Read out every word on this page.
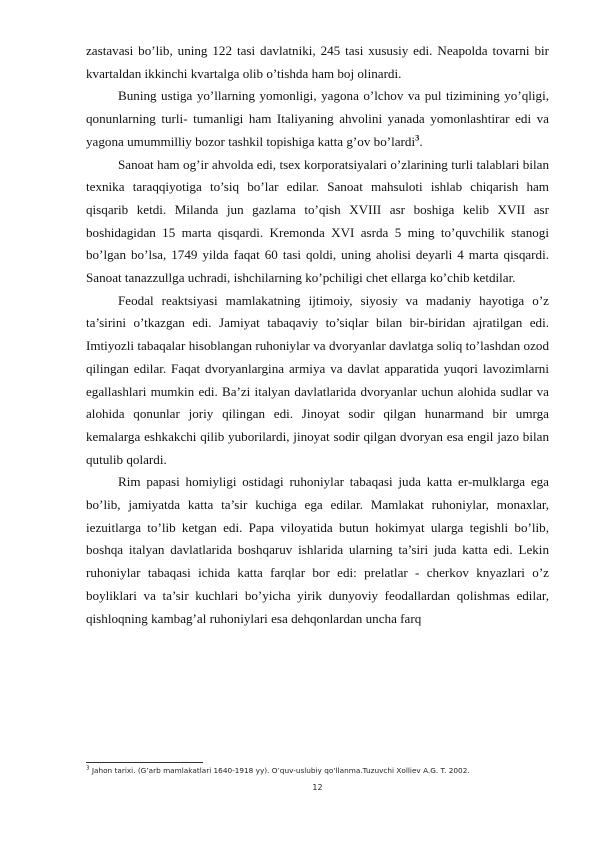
zastavasi bo’lib, uning 122 tasi davlatniki, 245 tasi xususiy edi. Neapolda tovarni bir kvartaldan ikkinchi kvartalga olib o’tishda ham boj olinardi.

Buning ustiga yo’llarning yomonligi, yagona o’lchov va pul tizimining yo’qligi, qonunlarning turli- tumanligi ham Italiyaning ahvolini yanada yomonlashtirar edi va yagona umummilliy bozor tashkil topishiga katta g’ov bo’lardi$^3$.

Sanoat ham og’ir ahvolda edi, tsex korporatsiyalari o’zlarining turli talablari bilan texnika taraqqiyotiga to’siq bo’lar edilar. Sanoat mahsuloti ishlab chiqarish ham qisqarib ketdi. Milanda jun gazlama to’qish XVIII asr boshiga kelib XVII asr boshidagidan 15 marta qisqardi. Kremonda XVI asrda 5 ming to’quvchilik stanogi bo’lgan bo’lsa, 1749 yilda faqat 60 tasi qoldi, uning aholisi deyarli 4 marta qisqardi. Sanoat tanazzullga uchradi, ishchilarning ko’pchiligi chet ellarga ko’chib ketdilar.

Feodal reaktsiyasi mamlakatning ijtimoiy, siyosiy va madaniy hayotiga o’z ta’sirini o’tkazgan edi. Jamiyat tabaqaviy to’siqlar bilan bir-biridan ajratilgan edi. Imtiyozli tabaqalar hisoblangan ruhoniylar va dvoryanlar davlatga soliq to’lashdan ozod qilingan edilar. Faqat dvoryanlargina armiya va davlat apparatida yuqori lavozimlarni egallashlari mumkin edi. Ba’zi italyan davlatlarida dvoryanlar uchun alohida sudlar va alohida qonunlar joriy qilingan edi. Jinoyat sodir qilgan hunarmand bir umrga kemalarga eshkakchi qilib yuborilardi, jinoyat sodir qilgan dvoryan esa engil jazo bilan qutulib qolardi.

Rim papasi homiyligi ostidagi ruhoniylar tabaqasi juda katta er-mulklarga ega bo’lib, jamiyatda katta ta’sir kuchiga ega edilar. Mamlakat ruhoniylar, monaxlar, iezuitlarga to’lib ketgan edi. Papa viloyatida butun hokimyat ularga tegishli bo’lib, boshqa italyan davlatlarida boshqaruv ishlarida ularning ta’siri juda katta edi. Lekin ruhoniylar tabaqasi ichida katta farqlar bor edi: prelatlar - cherkov knyazlari o’z boyliklari va ta’sir kuchlari bo’yicha yirik dunyoviy feodallardan qolishmas edilar, qishloqning kambag’al ruhoniylari esa dehqonlardan uncha farq

$^3$ Jahon tarixi. (G’arb mamlakatlari 1640-1918 yy). O’quv-uslubiy qo’llanma.Tuzuvchi Xolliev A.G. T. 2002.
12
